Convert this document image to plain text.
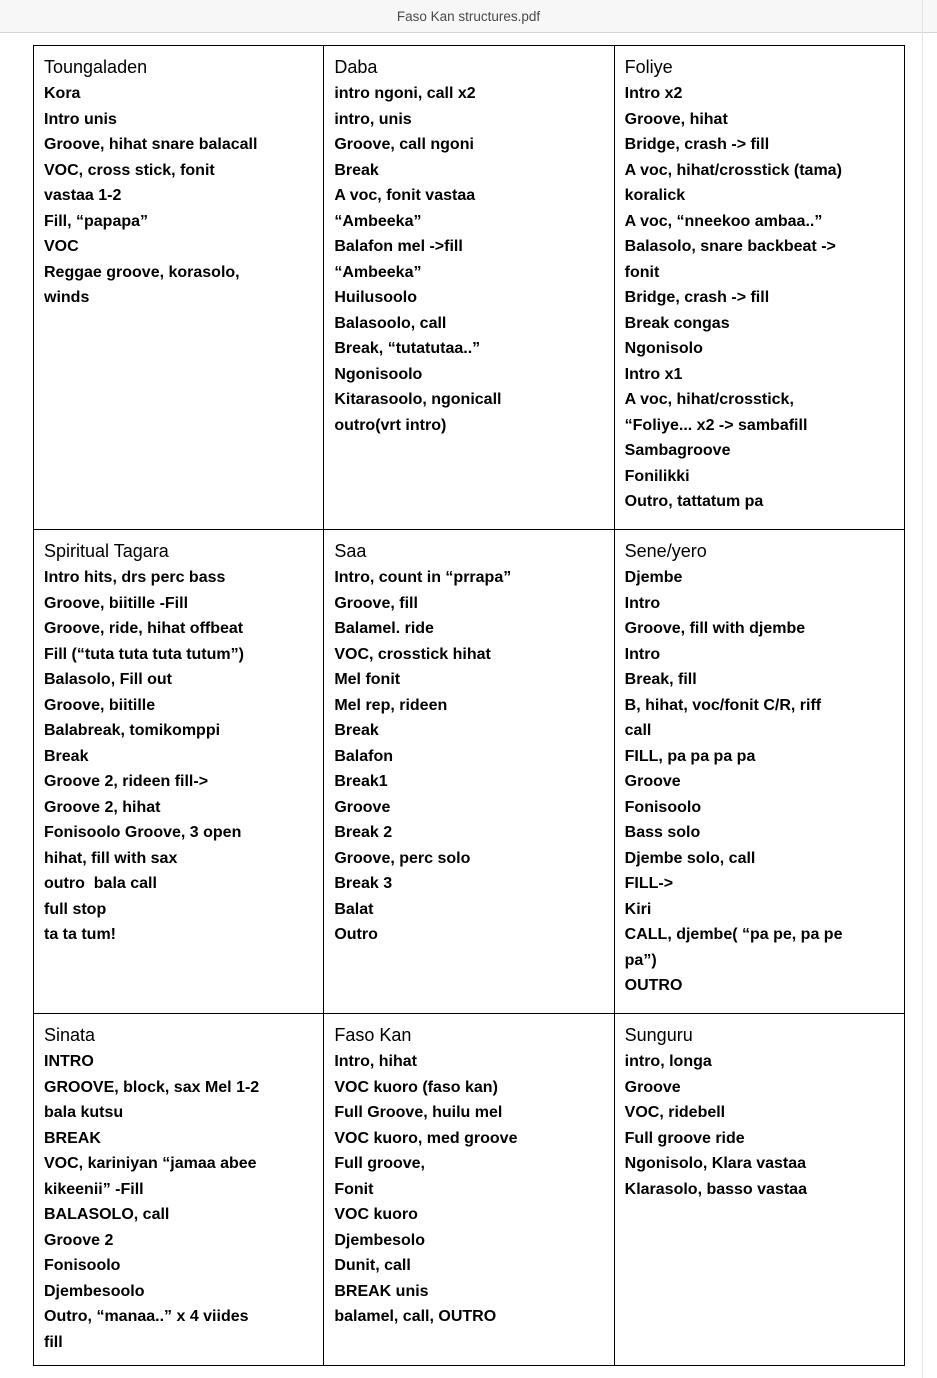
Faso Kan structures.pdf
Toungaladen
Kora
Intro unis
Groove, hihat snare balacall
VOC, cross stick, fonit
vastaa 1-2
Fill, “papapa”
VOC
Reggae groove, korasolo,
winds
Daba
intro ngoni, call x2
intro, unis
Groove, call ngoni
Break
A voc, fonit vastaa
“Ambeeka”
Balafon mel ->fill
“Ambeeka”
Huilusoolo
Balasoolo, call
Break, “tutatutaa..”
Ngonisoolo
Kitarasoolo, ngonicall
outro(vrt intro)
Foliye
Intro x2
Groove, hihat
Bridge, crash -> fill
A voc, hihat/crosstick (tama)
koralick
A voc, “nneekoo ambaa..”
Balasolo, snare backbeat ->
fonit
Bridge, crash -> fill
Break congas
Ngonisolo
Intro x1
A voc, hihat/crosstick,
“Foliye... x2 -> sambafill
Sambagroove
Fonilikki
Outro, tattatum pa
Spiritual Tagara
Intro hits, drs perc bass
Groove, biitille -Fill
Groove, ride, hihat offbeat
Fill (“tuta tuta tuta tutum”)
Balasolo, Fill out
Groove, biitille
Balabreak, tomikomppi
Break
Groove 2, rideen fill->
Groove 2, hihat
Fonisoolo Groove, 3 open
hihat, fill with sax
outro  bala call
full stop
ta ta tum!
Saa
Intro, count in “prrapa”
Groove, fill
Balamel. ride
VOC, crosstick hihat
Mel fonit
Mel rep, rideen
Break
Balafon
Break1
Groove
Break 2
Groove, perc solo
Break 3
Balat
Outro
Sene/yero
Djembe
Intro
Groove, fill with djembe
Intro
Break, fill
B, hihat, voc/fonit C/R, riff
call
FILL, pa pa pa pa
Groove
Fonisoolo
Bass solo
Djembe solo, call
FILL->
Kiri
CALL, djembe( “pa pe, pa pe
pa”)
OUTRO
Sinata
INTRO
GROOVE, block, sax Mel 1-2
bala kutsu
BREAK
VOC, kariniyan “jamaa abee
kikeenii” -Fill
BALASOLO, call
Groove 2
Fonisoolo
Djembesoolo
Outro, “manaa..” x 4 viides
fill
Faso Kan
Intro, hihat
VOC kuoro (faso kan)
Full Groove, huilu mel
VOC kuoro, med groove
Full groove,
Fonit
VOC kuoro
Djembesolo
Dunit, call
BREAK unis
balamel, call, OUTRO
Sunguru
intro, longa
Groove
VOC, ridebell
Full groove ride
Ngonisolo, Klara vastaa
Klarasolo, basso vastaa
